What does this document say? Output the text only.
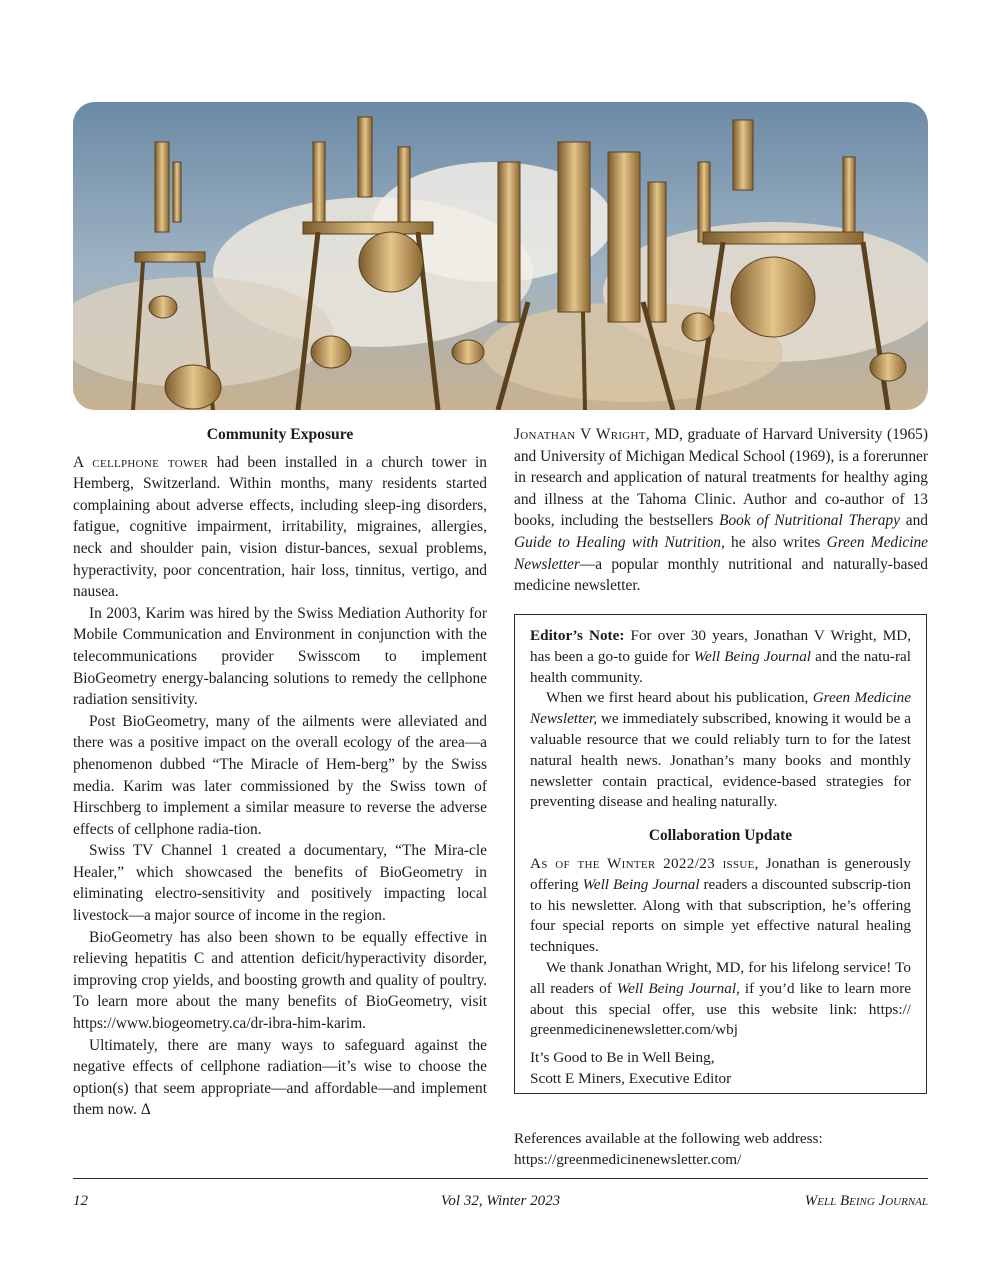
Community Exposure

A cellphone tower had been installed in a church tower in Hemberg, Switzerland. Within months, many residents started complaining about adverse effects, including sleep-ing disorders, fatigue, cognitive impairment, irritability, migraines, allergies, neck and shoulder pain, vision distur-bances, sexual problems, hyperactivity, poor concentration, hair loss, tinnitus, vertigo, and nausea.

In 2003, Karim was hired by the Swiss Mediation Authority for Mobile Communication and Environment in conjunction with the telecommunications provider Swisscom to implement BioGeometry energy-balancing solutions to remedy the cellphone radiation sensitivity.

Post BioGeometry, many of the ailments were alleviated and there was a positive impact on the overall ecology of the area—a phenomenon dubbed “The Miracle of Hem-berg” by the Swiss media. Karim was later commissioned by the Swiss town of Hirschberg to implement a similar measure to reverse the adverse effects of cellphone radia-tion.

Swiss TV Channel 1 created a documentary, “The Mira-cle Healer,” which showcased the benefits of BioGeometry in eliminating electro-sensitivity and positively impacting local livestock—a major source of income in the region.

BioGeometry has also been shown to be equally effective in relieving hepatitis C and attention deficit/hyperactivity disorder, improving crop yields, and boosting growth and quality of poultry. To learn more about the many benefits of BioGeometry, visit https://www.biogeometry.ca/dr-ibra-him-karim.

Ultimately, there are many ways to safeguard against the negative effects of cellphone radiation—it’s wise to choose the option(s) that seem appropriate—and affordable—and implement them now. Δ

Jonathan V Wright, MD, graduate of Harvard University (1965) and University of Michigan Medical School (1969), is a forerunner in research and application of natural treatments for healthy aging and illness at the Tahoma Clinic. Author and co-author of 13 books, including the bestsellers Book of Nutritional Therapy and Guide to Healing with Nutrition, he also writes Green Medicine Newsletter—a popular monthly nutritional and naturally-based medicine newsletter.

Editor’s Note: For over 30 years, Jonathan V Wright, MD, has been a go-to guide for Well Being Journal and the natu-ral health community.

When we first heard about his publication, Green Medicine Newsletter, we immediately subscribed, knowing it would be a valuable resource that we could reliably turn to for the latest natural health news. Jonathan’s many books and monthly newsletter contain practical, evidence-based strategies for preventing disease and healing naturally.

Collaboration Update

As of the Winter 2022/23 issue, Jonathan is generously offering Well Being Journal readers a discounted subscrip-tion to his newsletter. Along with that subscription, he’s offering four special reports on simple yet effective natural healing techniques.

We thank Jonathan Wright, MD, for his lifelong service! To all readers of Well Being Journal, if you’d like to learn more about this special offer, use this website link: https:// greenmedicinenewsletter.com/wbj

It’s Good to Be in Well Being,
Scott E Miners, Executive Editor
References available at the following web address:
https://greenmedicinenewsletter.com/
12	Vol 32, Winter 2023	Well Being Journal
